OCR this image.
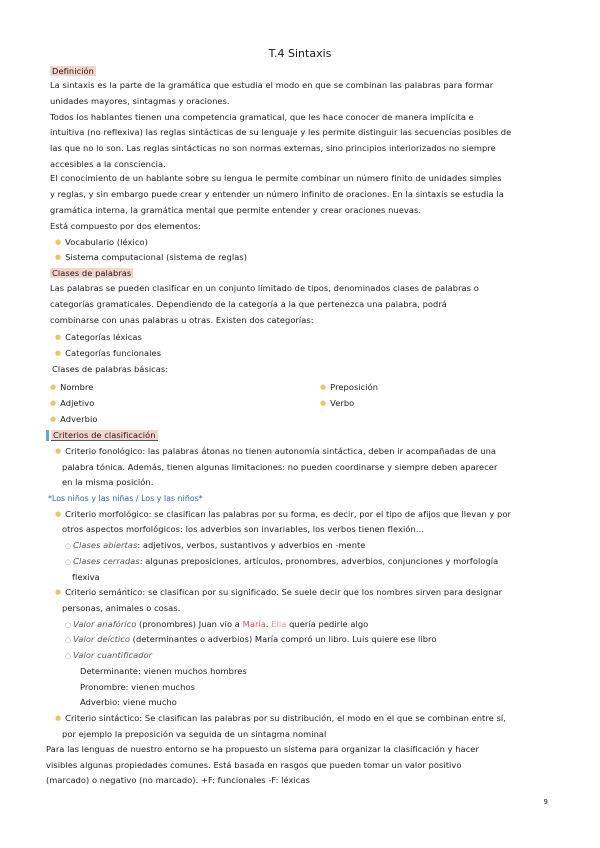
T.4 Sintaxis
Definición
La sintaxis es la parte de la gramática que estudia el modo en que se combinan las palabras para formar
unidades mayores, sintagmas y oraciones.
Todos los hablantes tienen una competencia gramatical, que les hace conocer de manera implícita e
intuitiva (no reflexiva) las reglas sintácticas de su lenguaje y les permite distinguir las secuencias posibles de
las que no lo son. Las reglas sintácticas no son normas externas, sino principios interiorizados no siempre
accesibles a la consciencia.
El conocimiento de un hablante sobre su lengua le permite combinar un número finito de unidades simples
y reglas, y sin embargo puede crear y entender un número infinito de oraciones. En la sintaxis se estudia la
gramática interna, la gramática mental que permite entender y crear oraciones nuevas.
Está compuesto por dos elementos:
● Vocabulario (léxico)
● Sistema computacional (sistema de reglas)
Clases de palabras
Las palabras se pueden clasificar en un conjunto limitado de tipos, denominados clases de palabras o
categorías gramaticales. Dependiendo de la categoría a la que pertenezca una palabra, podrá
combinarse con unas palabras u otras. Existen dos categorías:
● Categorías léxicas
● Categorías funcionales
Clases de palabras básicas:
● Nombre
● Adjetivo
● Adverbio
● Preposición
● Verbo
Criterios de clasificación
● Criterio fonológico: las palabras átonas no tienen autonomía sintáctica, deben ir acompañadas de una
palabra tónica. Además, tienen algunas limitaciones: no pueden coordinarse y siempre deben aparecer
en la misma posición.
*Los niños y las niñas / Los y las niños*
● Criterio morfológico: se clasifican las palabras por su forma, es decir, por el tipo de afijos que llevan y por
otros aspectos morfológicos: los adverbios son invariables, los verbos tienen flexión…
○ Clases abiertas: adjetivos, verbos, sustantivos y adverbios en -mente
○ Clases cerradas: algunas preposiciones, artículos, pronombres, adverbios, conjunciones y morfología
flexiva
● Criterio semántico: se clasifican por su significado. Se suele decir que los nombres sirven para designar
personas, animales o cosas.
○ Valor anafórico (pronombres) Juan vio a María. Ella quería pedirle algo
○ Valor deíctico (determinantes o adverbios) María compró un libro. Luis quiere ese libro
○ Valor cuantificador
Determinante: vienen muchos hombres
Pronombre: vienen muchos
Adverbio: viene mucho
● Criterio sintáctico: Se clasifican las palabras por su distribución, el modo en el que se combinan entre sí,
por ejemplo la preposición va seguida de un sintagma nominal
Para las lenguas de nuestro entorno se ha propuesto un sistema para organizar la clasificación y hacer
visibles algunas propiedades comunes. Está basada en rasgos que pueden tomar un valor positivo
(marcado) o negativo (no marcado). +F: funcionales -F: léxicas
9
